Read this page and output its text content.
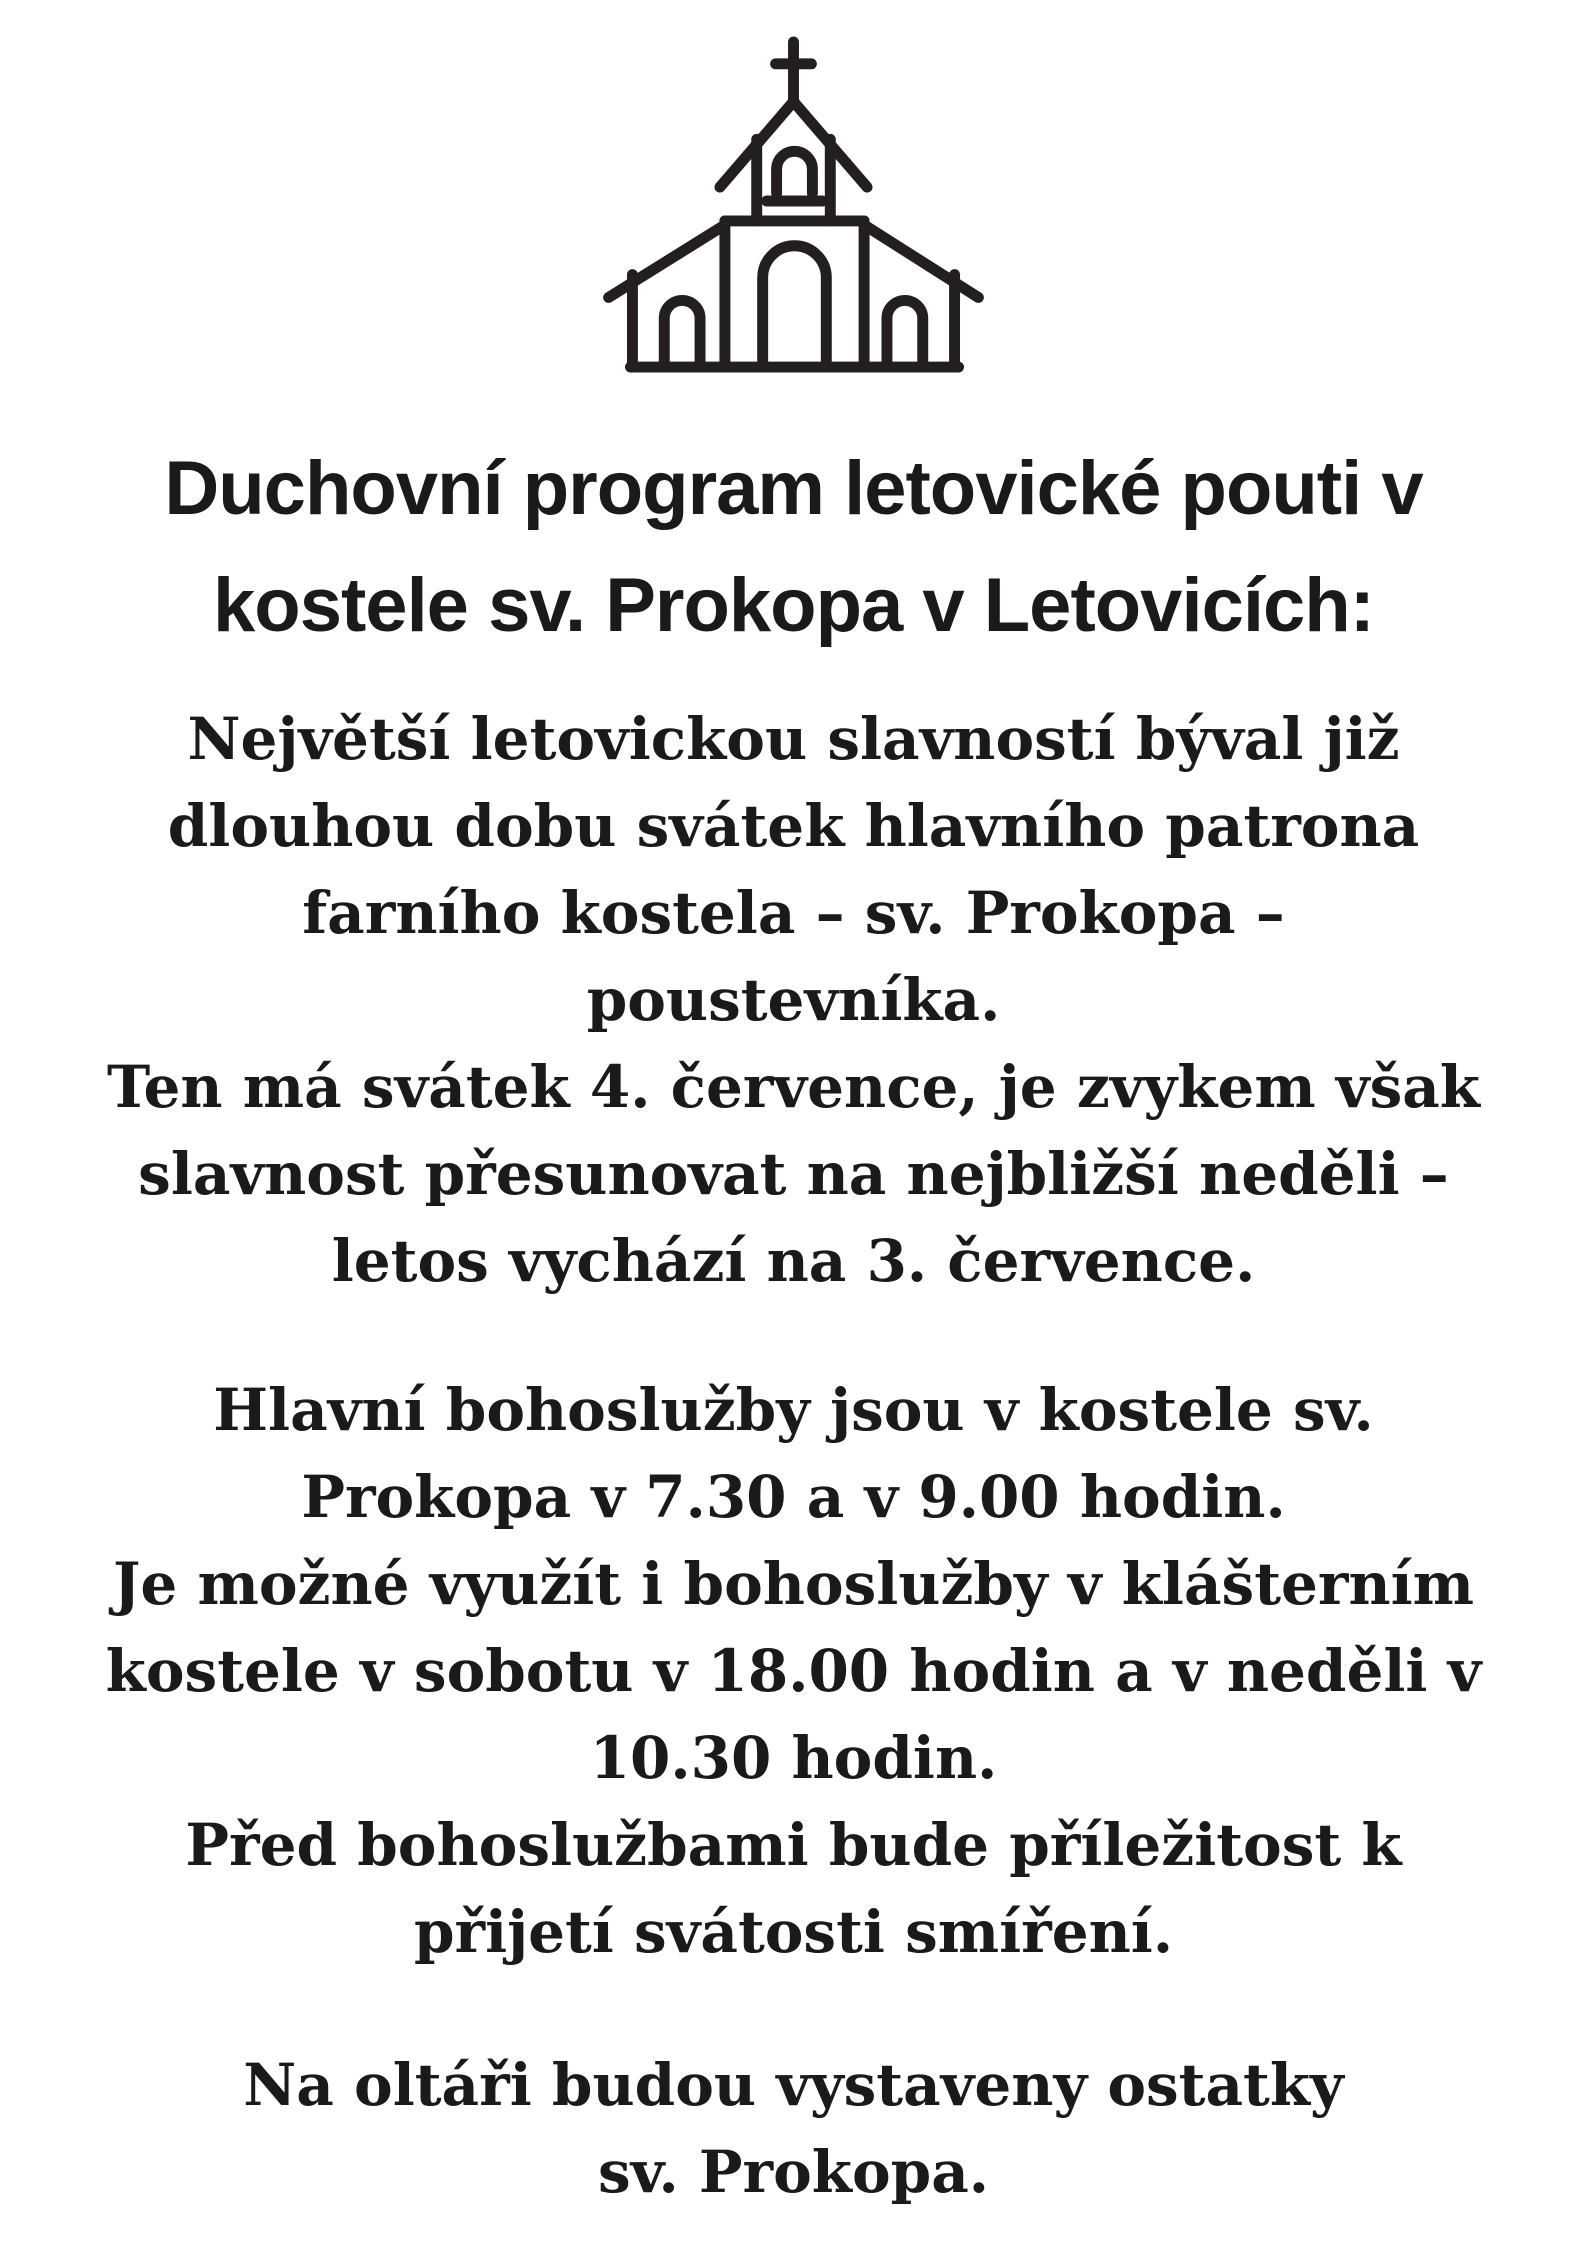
Duchovní program letovické pouti v
kostele sv. Prokopa v Letovicích:

Největší letovickou slavností býval již
dlouhou dobu svátek hlavního patrona
farního kostela – sv. Prokopa –
poustevníka.
Ten má svátek 4. července, je zvykem však
slavnost přesunovat na nejbližší neděli –
letos vychází na 3. července.

Hlavní bohoslužby jsou v kostele sv.
Prokopa v 7.30 a v 9.00 hodin.
Je možné využít i bohoslužby v klášterním
kostele v sobotu v 18.00 hodin a v neděli v
10.30 hodin.
Před bohoslužbami bude příležitost k
přijetí svátosti smíření.

Na oltáři budou vystaveny ostatky
sv. Prokopa.
